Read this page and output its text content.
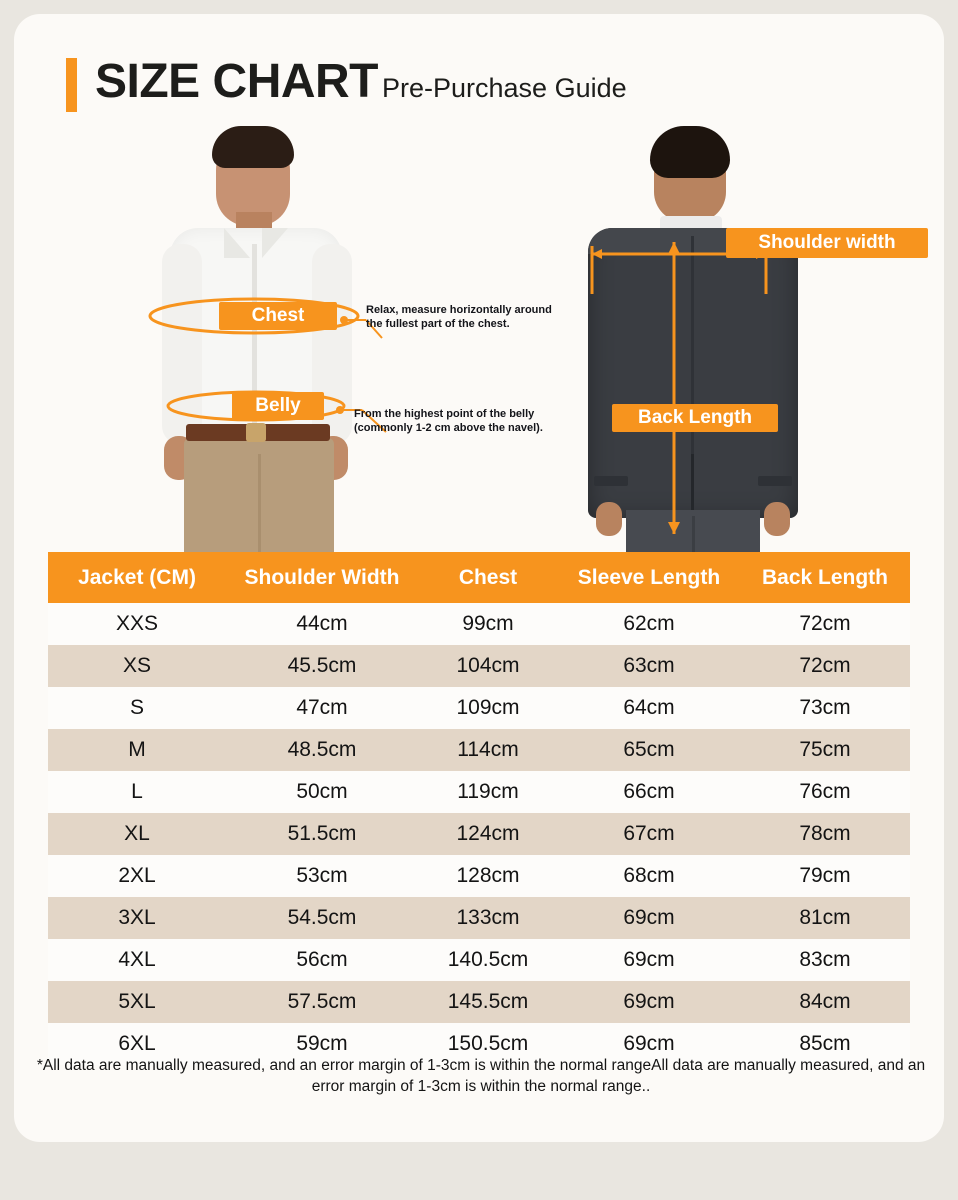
SIZE CHART Pre-Purchase Guide
Chest
Belly
Shoulder width
Back Length
Relax, measure horizontally around the fullest part of the chest.
From the highest point of the belly (commonly 1-2 cm above the navel).
Jacket (CM)	Shoulder Width	Chest	Sleeve Length	Back Length
XXS	44cm	99cm	62cm	72cm
XS	45.5cm	104cm	63cm	72cm
S	47cm	109cm	64cm	73cm
M	48.5cm	114cm	65cm	75cm
L	50cm	119cm	66cm	76cm
XL	51.5cm	124cm	67cm	78cm
2XL	53cm	128cm	68cm	79cm
3XL	54.5cm	133cm	69cm	81cm
4XL	56cm	140.5cm	69cm	83cm
5XL	57.5cm	145.5cm	69cm	84cm
6XL	59cm	150.5cm	69cm	85cm
*All data are manually measured, and an error margin of 1-3cm is within the normal rangeAll data are manually measured, and an error margin of 1-3cm is within the normal range..
